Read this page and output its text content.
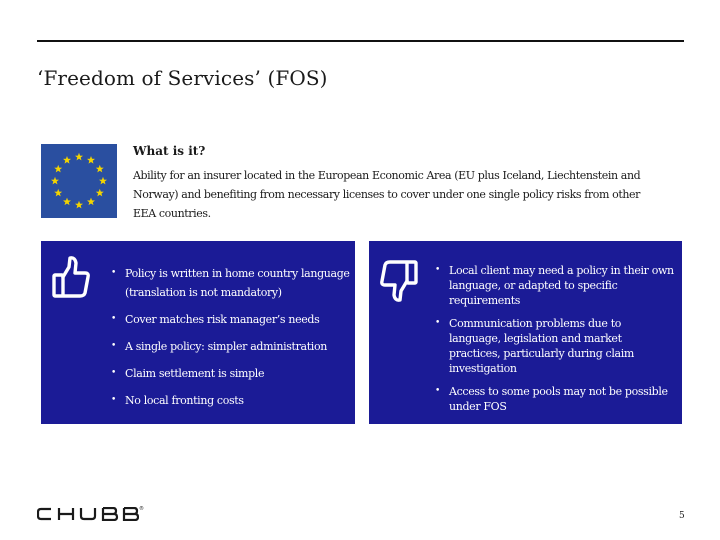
‘Freedom of Services’ (FOS)
What is it?
Ability for an insurer located in the European Economic Area (EU plus Iceland, Liechtenstein and Norway) and benefiting from necessary licenses to cover under one single policy risks from other EEA countries.
• Policy is written in home country language (translation is not mandatory)
• Cover matches risk manager’s needs
• A single policy: simpler administration
• Claim settlement is simple
• No local fronting costs
• Local client may need a policy in their own language, or adapted to specific requirements
• Communication problems due to language, legislation and market practices, particularly during claim investigation
• Access to some pools may not be possible under FOS
®
5
